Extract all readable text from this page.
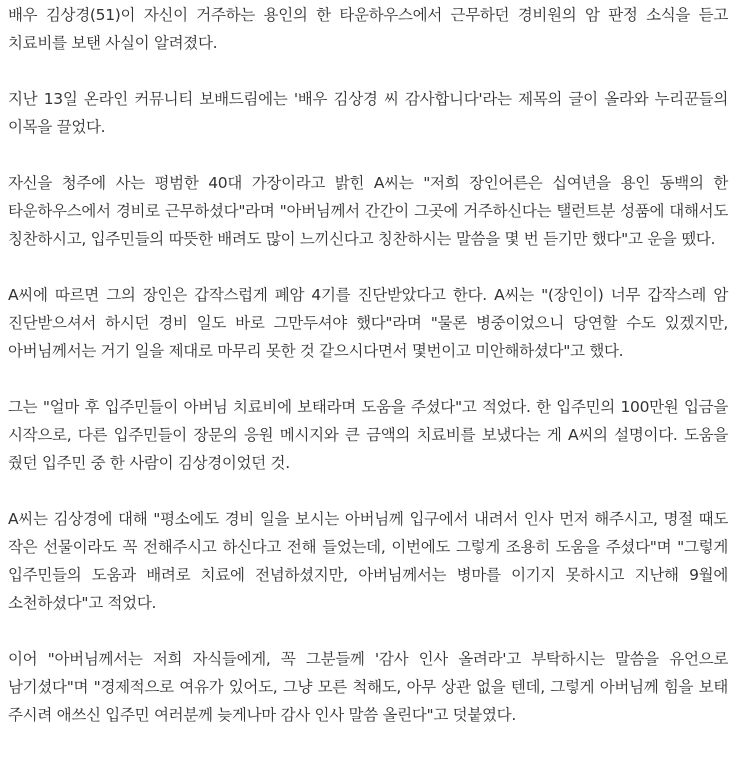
배우 김상경(51)이 자신이 거주하는 용인의 한 타운하우스에서 근무하던 경비원의 암 판정 소식을 듣고 치료비를 보탠 사실이 알려졌다.

지난 13일 온라인 커뮤니티 보배드림에는 '배우 김상경 씨 감사합니다'라는 제목의 글이 올라와 누리꾼들의 이목을 끌었다.

자신을 청주에 사는 평범한 40대 가장이라고 밝힌 A씨는 "저희 장인어른은 십여년을 용인 동백의 한 타운하우스에서 경비로 근무하셨다"라며 "아버님께서 간간이 그곳에 거주하신다는 탤런트분 성품에 대해서도 칭찬하시고, 입주민들의 따뜻한 배려도 많이 느끼신다고 칭찬하시는 말씀을 몇 번 듣기만 했다"고 운을 뗐다.

A씨에 따르면 그의 장인은 갑작스럽게 폐암 4기를 진단받았다고 한다. A씨는 "(장인이) 너무 갑작스레 암 진단받으셔서 하시던 경비 일도 바로 그만두셔야 했다"라며 "물론 병중이었으니 당연할 수도 있겠지만, 아버님께서는 거기 일을 제대로 마무리 못한 것 같으시다면서 몇번이고 미안해하셨다"고 했다.

그는 "얼마 후 입주민들이 아버님 치료비에 보태라며 도움을 주셨다"고 적었다. 한 입주민의 100만원 입금을 시작으로, 다른 입주민들이 장문의 응원 메시지와 큰 금액의 치료비를 보냈다는 게 A씨의 설명이다. 도움을 줬던 입주민 중 한 사람이 김상경이었던 것.

A씨는 김상경에 대해 "평소에도 경비 일을 보시는 아버님께 입구에서 내려서 인사 먼저 해주시고, 명절 때도 작은 선물이라도 꼭 전해주시고 하신다고 전해 들었는데, 이번에도 그렇게 조용히 도움을 주셨다"며 "그렇게 입주민들의 도움과 배려로 치료에 전념하셨지만, 아버님께서는 병마를 이기지 못하시고 지난해 9월에 소천하셨다"고 적었다.

이어 "아버님께서는 저희 자식들에게, 꼭 그분들께 '감사 인사 올려라'고 부탁하시는 말씀을 유언으로 남기셨다"며 "경제적으로 여유가 있어도, 그냥 모른 척해도, 아무 상관 없을 텐데, 그렇게 아버님께 힘을 보태 주시려 애쓰신 입주민 여러분께 늦게나마 감사 인사 말씀 올린다"고 덧붙였다.
